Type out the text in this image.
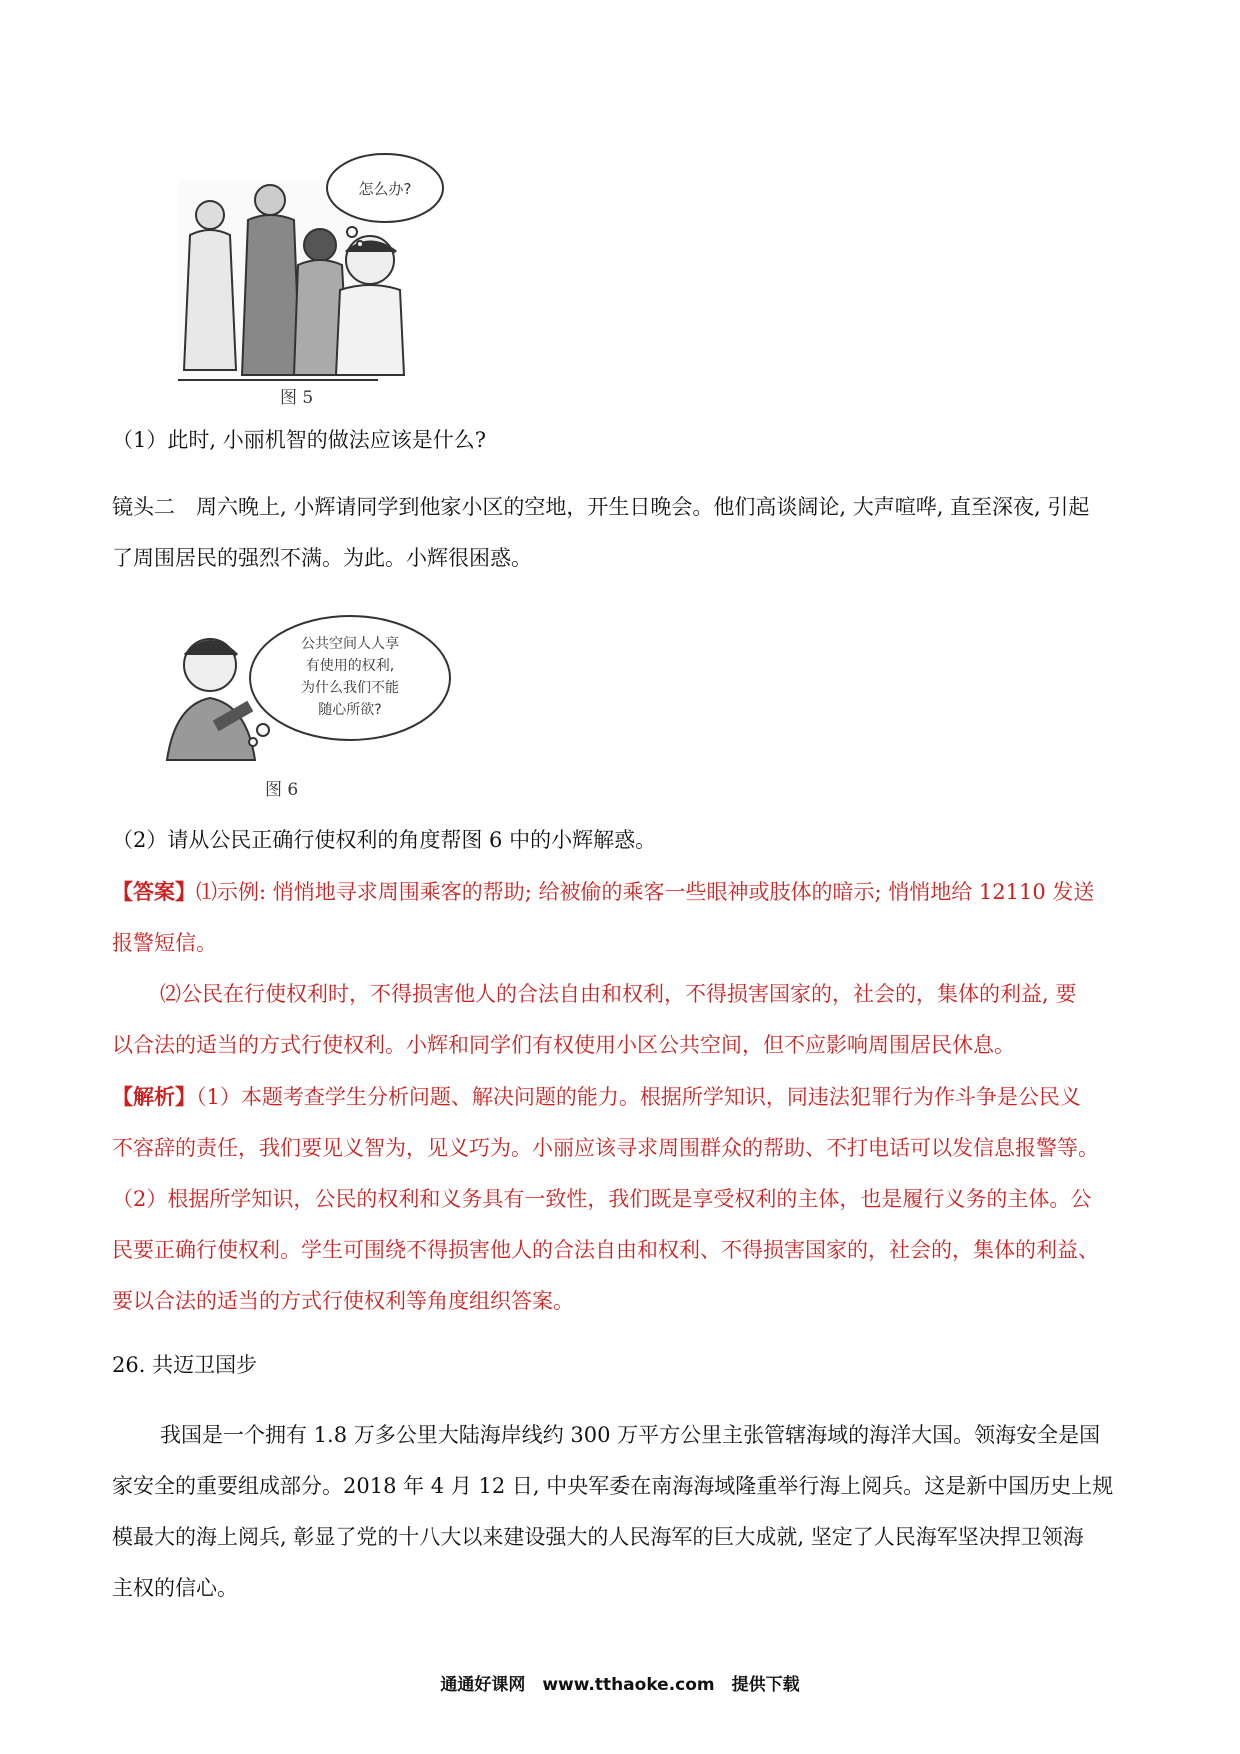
怎么办?
图 5
（1）此时, 小丽机智的做法应该是什么?
镜头二　周六晚上, 小辉请同学到他家小区的空地，开生日晚会。他们高谈阔论, 大声喧哗, 直至深夜, 引起
了周围居民的强烈不满。为此。小辉很困惑。
公共空间人人享
有使用的权利,
为什么我们不能
随心所欲?
图 6
（2）请从公民正确行使权利的角度帮图 6 中的小辉解惑。
【答案】⑴示例: 悄悄地寻求周围乘客的帮助; 给被偷的乘客一些眼神或肢体的暗示; 悄悄地给 12110 发送
报警短信。
⑵公民在行使权利时，不得损害他人的合法自由和权利，不得损害国家的，社会的，集体的利益, 要
以合法的适当的方式行使权利。小辉和同学们有权使用小区公共空间，但不应影响周围居民休息。
【解析】（1）本题考查学生分析问题、解决问题的能力。根据所学知识，同违法犯罪行为作斗争是公民义
不容辞的责任，我们要见义智为，见义巧为。小丽应该寻求周围群众的帮助、不打电话可以发信息报警等。
（2）根据所学知识，公民的权利和义务具有一致性，我们既是享受权利的主体，也是履行义务的主体。公
民要正确行使权利。学生可围绕不得损害他人的合法自由和权利、不得损害国家的，社会的，集体的利益、
要以合法的适当的方式行使权利等角度组织答案。
26. 共迈卫国步
我国是一个拥有 1.8 万多公里大陆海岸线约 300 万平方公里主张管辖海域的海洋大国。领海安全是国
家安全的重要组成部分。2018 年 4 月 12 日, 中央军委在南海海域隆重举行海上阅兵。这是新中国历史上规
模最大的海上阅兵, 彰显了党的十八大以来建设强大的人民海军的巨大成就, 坚定了人民海军坚决捍卫领海
主权的信心。
通通好课网　www.tthaoke.com　提供下载
